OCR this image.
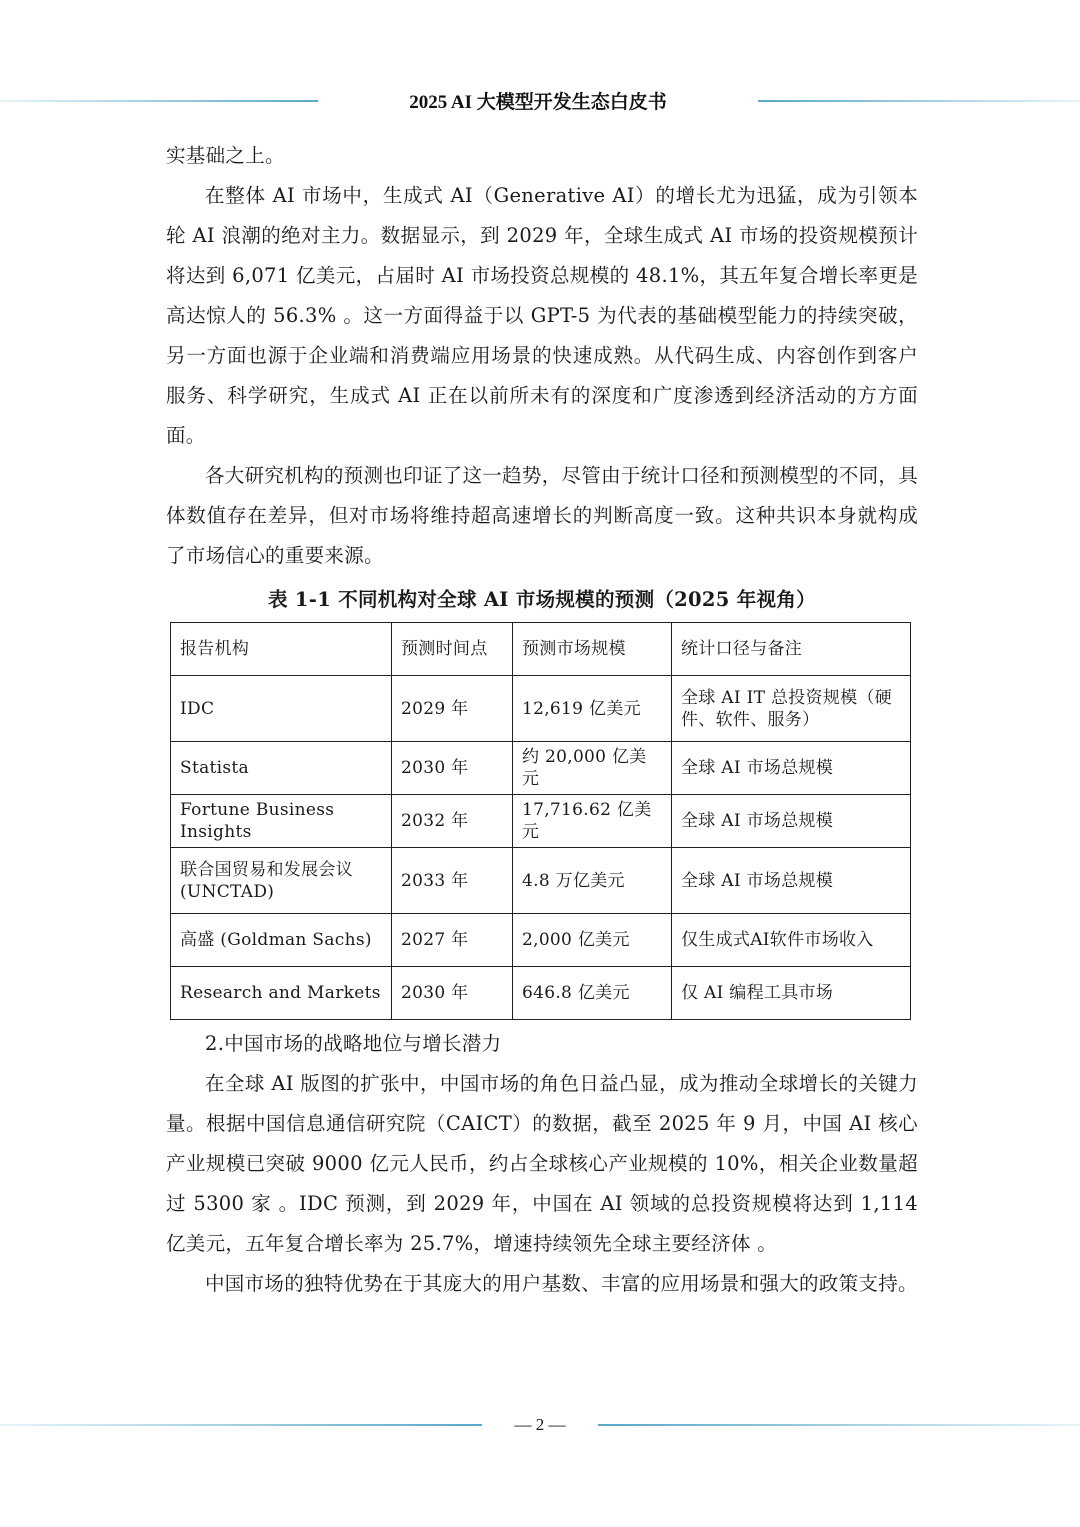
2025 AI 大模型开发生态白皮书

实基础之上。

在整体 AI 市场中，生成式 AI（Generative AI）的增长尤为迅猛，成为引领本轮 AI 浪潮的绝对主力。数据显示，到 2029 年，全球生成式 AI 市场的投资规模预计将达到 6,071 亿美元，占届时 AI 市场投资总规模的 48.1%，其五年复合增长率更是高达惊人的 56.3% 。这一方面得益于以 GPT-5 为代表的基础模型能力的持续突破，另一方面也源于企业端和消费端应用场景的快速成熟。从代码生成、内容创作到客户服务、科学研究，生成式 AI 正在以前所未有的深度和广度渗透到经济活动的方方面面。

各大研究机构的预测也印证了这一趋势，尽管由于统计口径和预测模型的不同，具体数值存在差异，但对市场将维持超高速增长的判断高度一致。这种共识本身就构成了市场信心的重要来源。

表 1-1 不同机构对全球 AI 市场规模的预测（2025 年视角）
报告机构	预测时间点	预测市场规模	统计口径与备注
IDC	2029 年	12,619 亿美元	全球 AI IT 总投资规模（硬件、软件、服务）
Statista	2030 年	约 20,000 亿美元	全球 AI 市场总规模
Fortune Business Insights	2032 年	17,716.62 亿美元	全球 AI 市场总规模
联合国贸易和发展会议 (UNCTAD)	2033 年	4.8 万亿美元	全球 AI 市场总规模
高盛 (Goldman Sachs)	2027 年	2,000 亿美元	仅生成式AI软件市场收入
Research and Markets	2030 年	646.8 亿美元	仅 AI 编程工具市场
2.中国市场的战略地位与增长潜力

在全球 AI 版图的扩张中，中国市场的角色日益凸显，成为推动全球增长的关键力量。根据中国信息通信研究院（CAICT）的数据，截至 2025 年 9 月，中国 AI 核心产业规模已突破 9000 亿元人民币，约占全球核心产业规模的 10%，相关企业数量超过 5300 家 。IDC 预测，到 2029 年，中国在 AI 领域的总投资规模将达到 1,114 亿美元，五年复合增长率为 25.7%，增速持续领先全球主要经济体 。

中国市场的独特优势在于其庞大的用户基数、丰富的应用场景和强大的政策支持。

— 2 —
